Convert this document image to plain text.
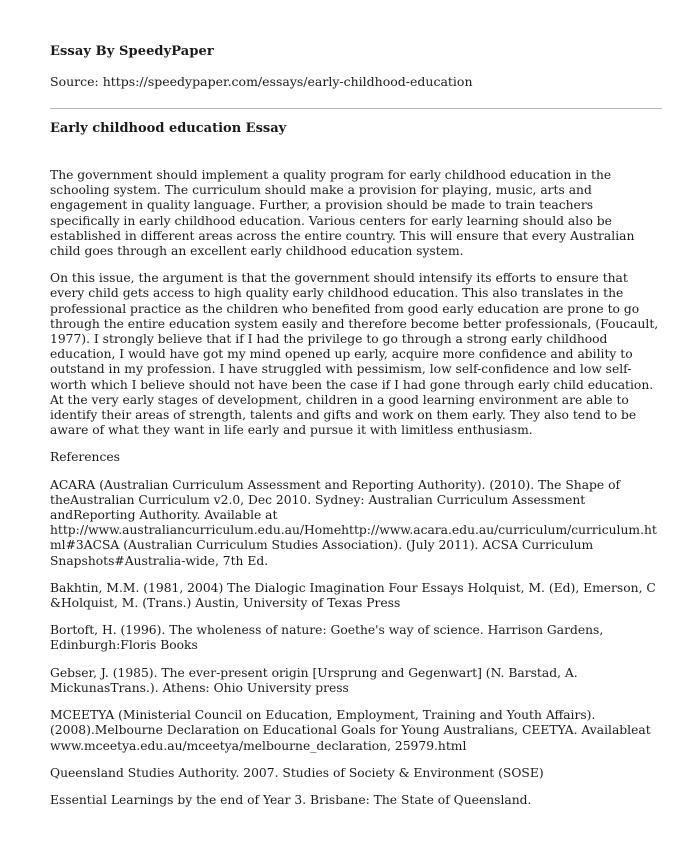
Essay By SpeedyPaper

Source: https://speedypaper.com/essays/early-childhood-education

Early childhood education Essay

The government should implement a quality program for early childhood education in the schooling system. The curriculum should make a provision for playing, music, arts and engagement in quality language. Further, a provision should be made to train teachers specifically in early childhood education. Various centers for early learning should also be established in different areas across the entire country. This will ensure that every Australian child goes through an excellent early childhood education system.

On this issue, the argument is that the government should intensify its efforts to ensure that every child gets access to high quality early childhood education. This also translates in the professional practice as the children who benefited from good early education are prone to go through the entire education system easily and therefore become better professionals, (Foucault, 1977). I strongly believe that if I had the privilege to go through a strong early childhood education, I would have got my mind opened up early, acquire more confidence and ability to outstand in my profession. I have struggled with pessimism, low self-confidence and low self-worth which I believe should not have been the case if I had gone through early child education. At the very early stages of development, children in a good learning environment are able to identify their areas of strength, talents and gifts and work on them early. They also tend to be aware of what they want in life early and pursue it with limitless enthusiasm.

References

ACARA (Australian Curriculum Assessment and Reporting Authority). (2010). The Shape of theAustralian Curriculum v2.0, Dec 2010. Sydney: Australian Curriculum Assessment andReporting Authority. Available at http://www.australiancurriculum.edu.au/Homehttp://www.acara.edu.au/curriculum/curriculum.html#3ACSA (Australian Curriculum Studies Association). (July 2011). ACSA Curriculum Snapshots#Australia-wide, 7th Ed.

Bakhtin, M.M. (1981, 2004) The Dialogic Imagination Four Essays Holquist, M. (Ed), Emerson, C &Holquist, M. (Trans.) Austin, University of Texas Press

Bortoft, H. (1996). The wholeness of nature: Goethe's way of science. Harrison Gardens, Edinburgh:Floris Books

Gebser, J. (1985). The ever-present origin [Ursprung and Gegenwart] (N. Barstad, A. MickunasTrans.). Athens: Ohio University press

MCEETYA (Ministerial Council on Education, Employment, Training and Youth Affairs). (2008).Melbourne Declaration on Educational Goals for Young Australians, CEETYA. Availableat www.mceetya.edu.au/mceetya/melbourne_declaration, 25979.html

Queensland Studies Authority. 2007. Studies of Society & Environment (SOSE)

Essential Learnings by the end of Year 3. Brisbane: The State of Queensland.
